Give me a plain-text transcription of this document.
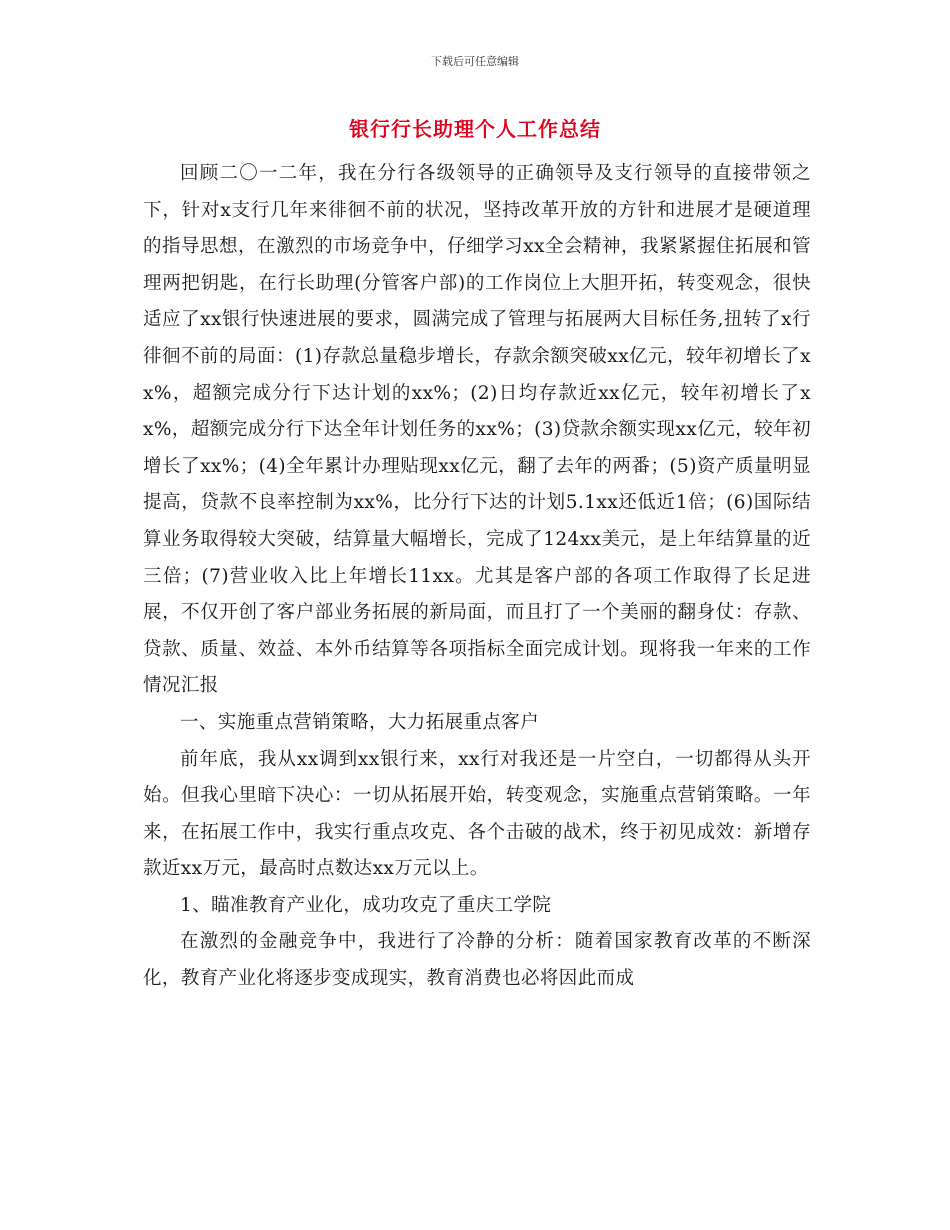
下载后可任意编辑
银行行长助理个人工作总结

回顾二〇一二年，我在分行各级领导的正确领导及支行领导的直接带领之下，针对x支行几年来徘徊不前的状况，坚持改革开放的方针和进展才是硬道理的指导思想，在激烈的市场竞争中，仔细学习xx全会精神，我紧紧握住拓展和管理两把钥匙，在行长助理(分管客户部)的工作岗位上大胆开拓，转变观念，很快适应了xx银行快速进展的要求，圆满完成了管理与拓展两大目标任务,扭转了x行徘徊不前的局面：(1)存款总量稳步增长，存款余额突破xx亿元，较年初增长了xx%，超额完成分行下达计划的xx%；(2)日均存款近xx亿元，较年初增长了xx%，超额完成分行下达全年计划任务的xx%；(3)贷款余额实现xx亿元，较年初增长了xx%；(4)全年累计办理贴现xx亿元，翻了去年的两番；(5)资产质量明显提高，贷款不良率控制为xx%，比分行下达的计划5.1xx还低近1倍；(6)国际结算业务取得较大突破，结算量大幅增长，完成了124xx美元，是上年结算量的近三倍；(7)营业收入比上年增长11xx。尤其是客户部的各项工作取得了长足进展，不仅开创了客户部业务拓展的新局面，而且打了一个美丽的翻身仗：存款、贷款、质量、效益、本外币结算等各项指标全面完成计划。现将我一年来的工作情况汇报

一、实施重点营销策略，大力拓展重点客户

前年底，我从xx调到xx银行来，xx行对我还是一片空白，一切都得从头开始。但我心里暗下决心：一切从拓展开始，转变观念，实施重点营销策略。一年来，在拓展工作中，我实行重点攻克、各个击破的战术，终于初见成效：新增存款近xx万元，最高时点数达xx万元以上。

1、瞄准教育产业化，成功攻克了重庆工学院

在激烈的金融竞争中，我进行了冷静的分析：随着国家教育改革的不断深化，教育产业化将逐步变成现实，教育消费也必将因此而成
